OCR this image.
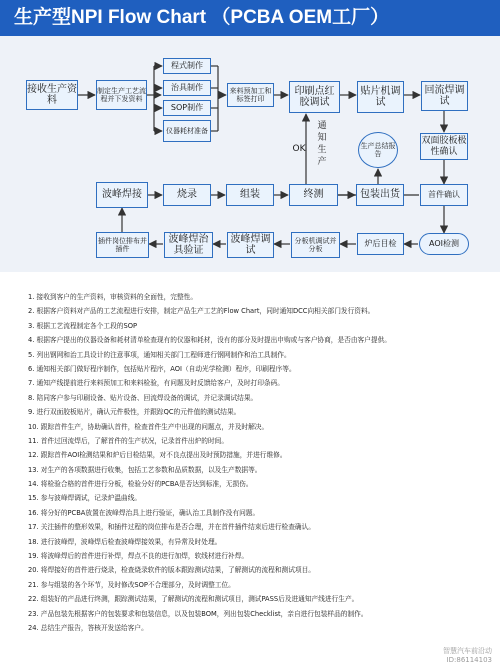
生产型NPI Flow Chart （PCBA OEM工厂）
接收生产资料
制定生产工艺流程并下发资料
程式制作
治具制作
SOP制作
仪器耗材准备
来料预加工和标签打印
印刷点红胶调试
贴片机调试
回流焊调试
通知生产
OK	生产总结报告
双面胶板极性确认
波峰焊接	烧录	组装	终测	包装出货	首件确认
插件岗位排布并插件
波峰焊治具验证
波峰焊调试
分板机调试并分板
炉后目检	AOI检测
1. 接收到客户的生产资料，审核资料的全面性，完整性。
2. 根据客户资料对产品的工艺流程进行安排，制定产品生产工艺的Flow Chart，同时通知DCC向相关部门发行资料。
3. 根据工艺流程制定各个工段的SOP
4. 根据客户提出的仪器设备和耗材清单检查现有的仪器和耗材，没有的部分及时提出申购或与客户协商，是否由客户提供。
5. 列出钢网和治工具设计的注意事项，通知相关部门工程师进行钢网制作和治工具制作。
6. 通知相关部门做好程序制作，包括贴片程序，AOI（自动光学检测）程序，印刷程序等。
7. 通知产线提前进行来料预加工和来料检验，有问题及时反馈给客户，及时打印条码。
8. 陪同客户参与印刷设备、贴片设备、回流焊设备的调试，并记录调试结果。
9. 进行双面胶板贴片，确认元件极性，并跟踪QC的元件值的测试结果。
10. 跟踪首件生产，协助确认首件，检查首件生产中出现的问题点，并及时解决。
11. 首件过回流焊后，了解首件的生产状况，记录首件出炉的时间。
12. 跟踪首件AOI检测结果和炉后目检结果，对不良点提出及时预防措施，并进行维修。
13. 对生产的各项数据进行收集，包括工艺参数和品质数据，以及生产数据等。
14. 将检验合格的首件进行分板，检验分好的PCBA是否达到标准，无损伤。
15. 参与波峰焊调试，记录炉温曲线。
16. 将分好的PCBA放置在波峰焊治具上进行验证，确认治工具制作没有问题。
17. 关注插件的整形效果，和插件过程的岗位排布是否合理，并在首件插件结束后进行检查确认。
18. 进行波峰焊，波峰焊后检查波峰焊接效果，有异常及时处理。
19. 将波峰焊后的首件进行补焊，焊点不良的进行加焊，软线材进行补焊。
20. 将焊接好的首件进行烧录，检查烧录软件的版本跟踪测试结果，了解测试的流程和测试项目。
21. 参与组装的各个环节，及时修改SOP不合理部分，及时调整工位。
22. 组装好的产品进行终测，跟踪测试结果，了解测试的流程和测试项目，测试PASS后及进通知产线进行生产。
23. 产品包装先根据客户的包装要求和包装信息，以及包装BOM，列出包装Checklist，亲自进行包装样品的制作。
24. 总结生产报告，答核开发送给客户。
智慧汽车前沿动
ID:86114103
